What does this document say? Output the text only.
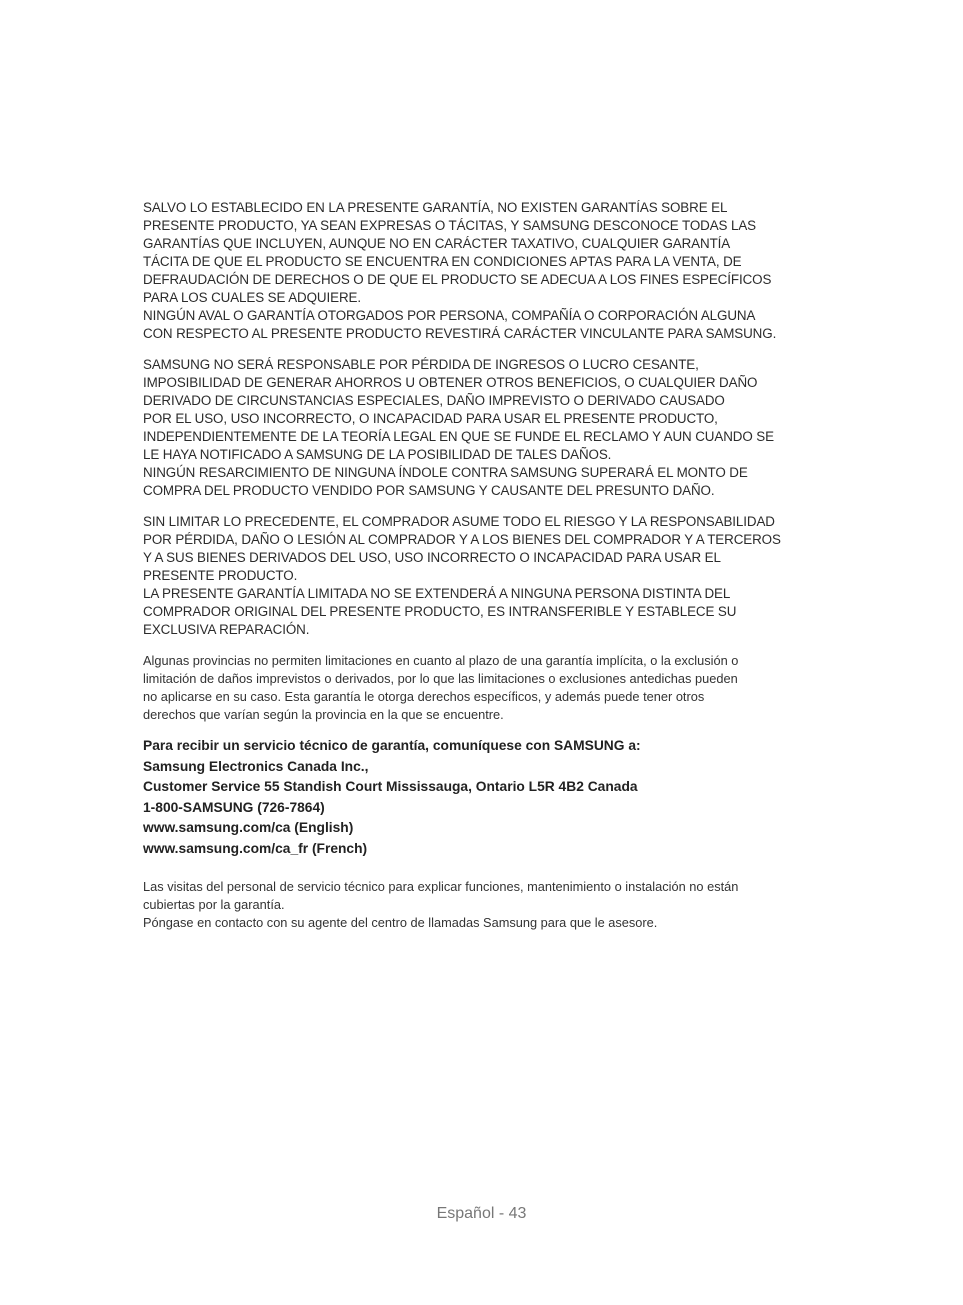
SALVO LO ESTABLECIDO EN LA PRESENTE GARANTÍA, NO EXISTEN GARANTÍAS SOBRE EL
PRESENTE PRODUCTO, YA SEAN EXPRESAS O TÁCITAS, Y SAMSUNG DESCONOCE TODAS LAS
GARANTÍAS QUE INCLUYEN, AUNQUE NO EN CARÁCTER TAXATIVO, CUALQUIER GARANTÍA
TÁCITA DE QUE EL PRODUCTO SE ENCUENTRA EN CONDICIONES APTAS PARA LA VENTA, DE
DEFRAUDACIÓN DE DERECHOS O DE QUE EL PRODUCTO SE ADECUA A LOS FINES ESPECÍFICOS
PARA LOS CUALES SE ADQUIERE.
NINGÚN AVAL O GARANTÍA OTORGADOS POR PERSONA, COMPAÑÍA O CORPORACIÓN ALGUNA
CON RESPECTO AL PRESENTE PRODUCTO REVESTIRÁ CARÁCTER VINCULANTE PARA SAMSUNG.

SAMSUNG NO SERÁ RESPONSABLE POR PÉRDIDA DE INGRESOS O LUCRO CESANTE,
IMPOSIBILIDAD DE GENERAR AHORROS U OBTENER OTROS BENEFICIOS, O CUALQUIER DAÑO
DERIVADO DE CIRCUNSTANCIAS ESPECIALES, DAÑO IMPREVISTO O DERIVADO CAUSADO
POR EL USO, USO INCORRECTO, O INCAPACIDAD PARA USAR EL PRESENTE PRODUCTO,
INDEPENDIENTEMENTE DE LA TEORÍA LEGAL EN QUE SE FUNDE EL RECLAMO Y AUN CUANDO SE
LE HAYA NOTIFICADO A SAMSUNG DE LA POSIBILIDAD DE TALES DAÑOS.
NINGÚN RESARCIMIENTO DE NINGUNA ÍNDOLE CONTRA SAMSUNG SUPERARÁ EL MONTO DE
COMPRA DEL PRODUCTO VENDIDO POR SAMSUNG Y CAUSANTE DEL PRESUNTO DAÑO.

SIN LIMITAR LO PRECEDENTE, EL COMPRADOR ASUME TODO EL RIESGO Y LA RESPONSABILIDAD
POR PÉRDIDA, DAÑO O LESIÓN AL COMPRADOR Y A LOS BIENES DEL COMPRADOR Y A TERCEROS
Y A SUS BIENES DERIVADOS DEL USO, USO INCORRECTO O INCAPACIDAD PARA USAR EL
PRESENTE PRODUCTO.
LA PRESENTE GARANTÍA LIMITADA NO SE EXTENDERÁ A NINGUNA PERSONA DISTINTA DEL
COMPRADOR ORIGINAL DEL PRESENTE PRODUCTO, ES INTRANSFERIBLE Y ESTABLECE SU
EXCLUSIVA REPARACIÓN.

Algunas provincias no permiten limitaciones en cuanto al plazo de una garantía implícita, o la exclusión o
limitación de daños imprevistos o derivados, por lo que las limitaciones o exclusiones antedichas pueden
no aplicarse en su caso. Esta garantía le otorga derechos específicos, y además puede tener otros
derechos que varían según la provincia en la que se encuentre.

Para recibir un servicio técnico de garantía, comuníquese con SAMSUNG a:

Samsung Electronics Canada Inc.,

Customer Service 55 Standish Court Mississauga, Ontario L5R 4B2 Canada

1-800-SAMSUNG (726-7864)

www.samsung.com/ca (English)

www.samsung.com/ca_fr (French)

Las visitas del personal de servicio técnico para explicar funciones, mantenimiento o instalación no están
cubiertas por la garantía.
Póngase en contacto con su agente del centro de llamadas Samsung para que le asesore.

Español - 43
